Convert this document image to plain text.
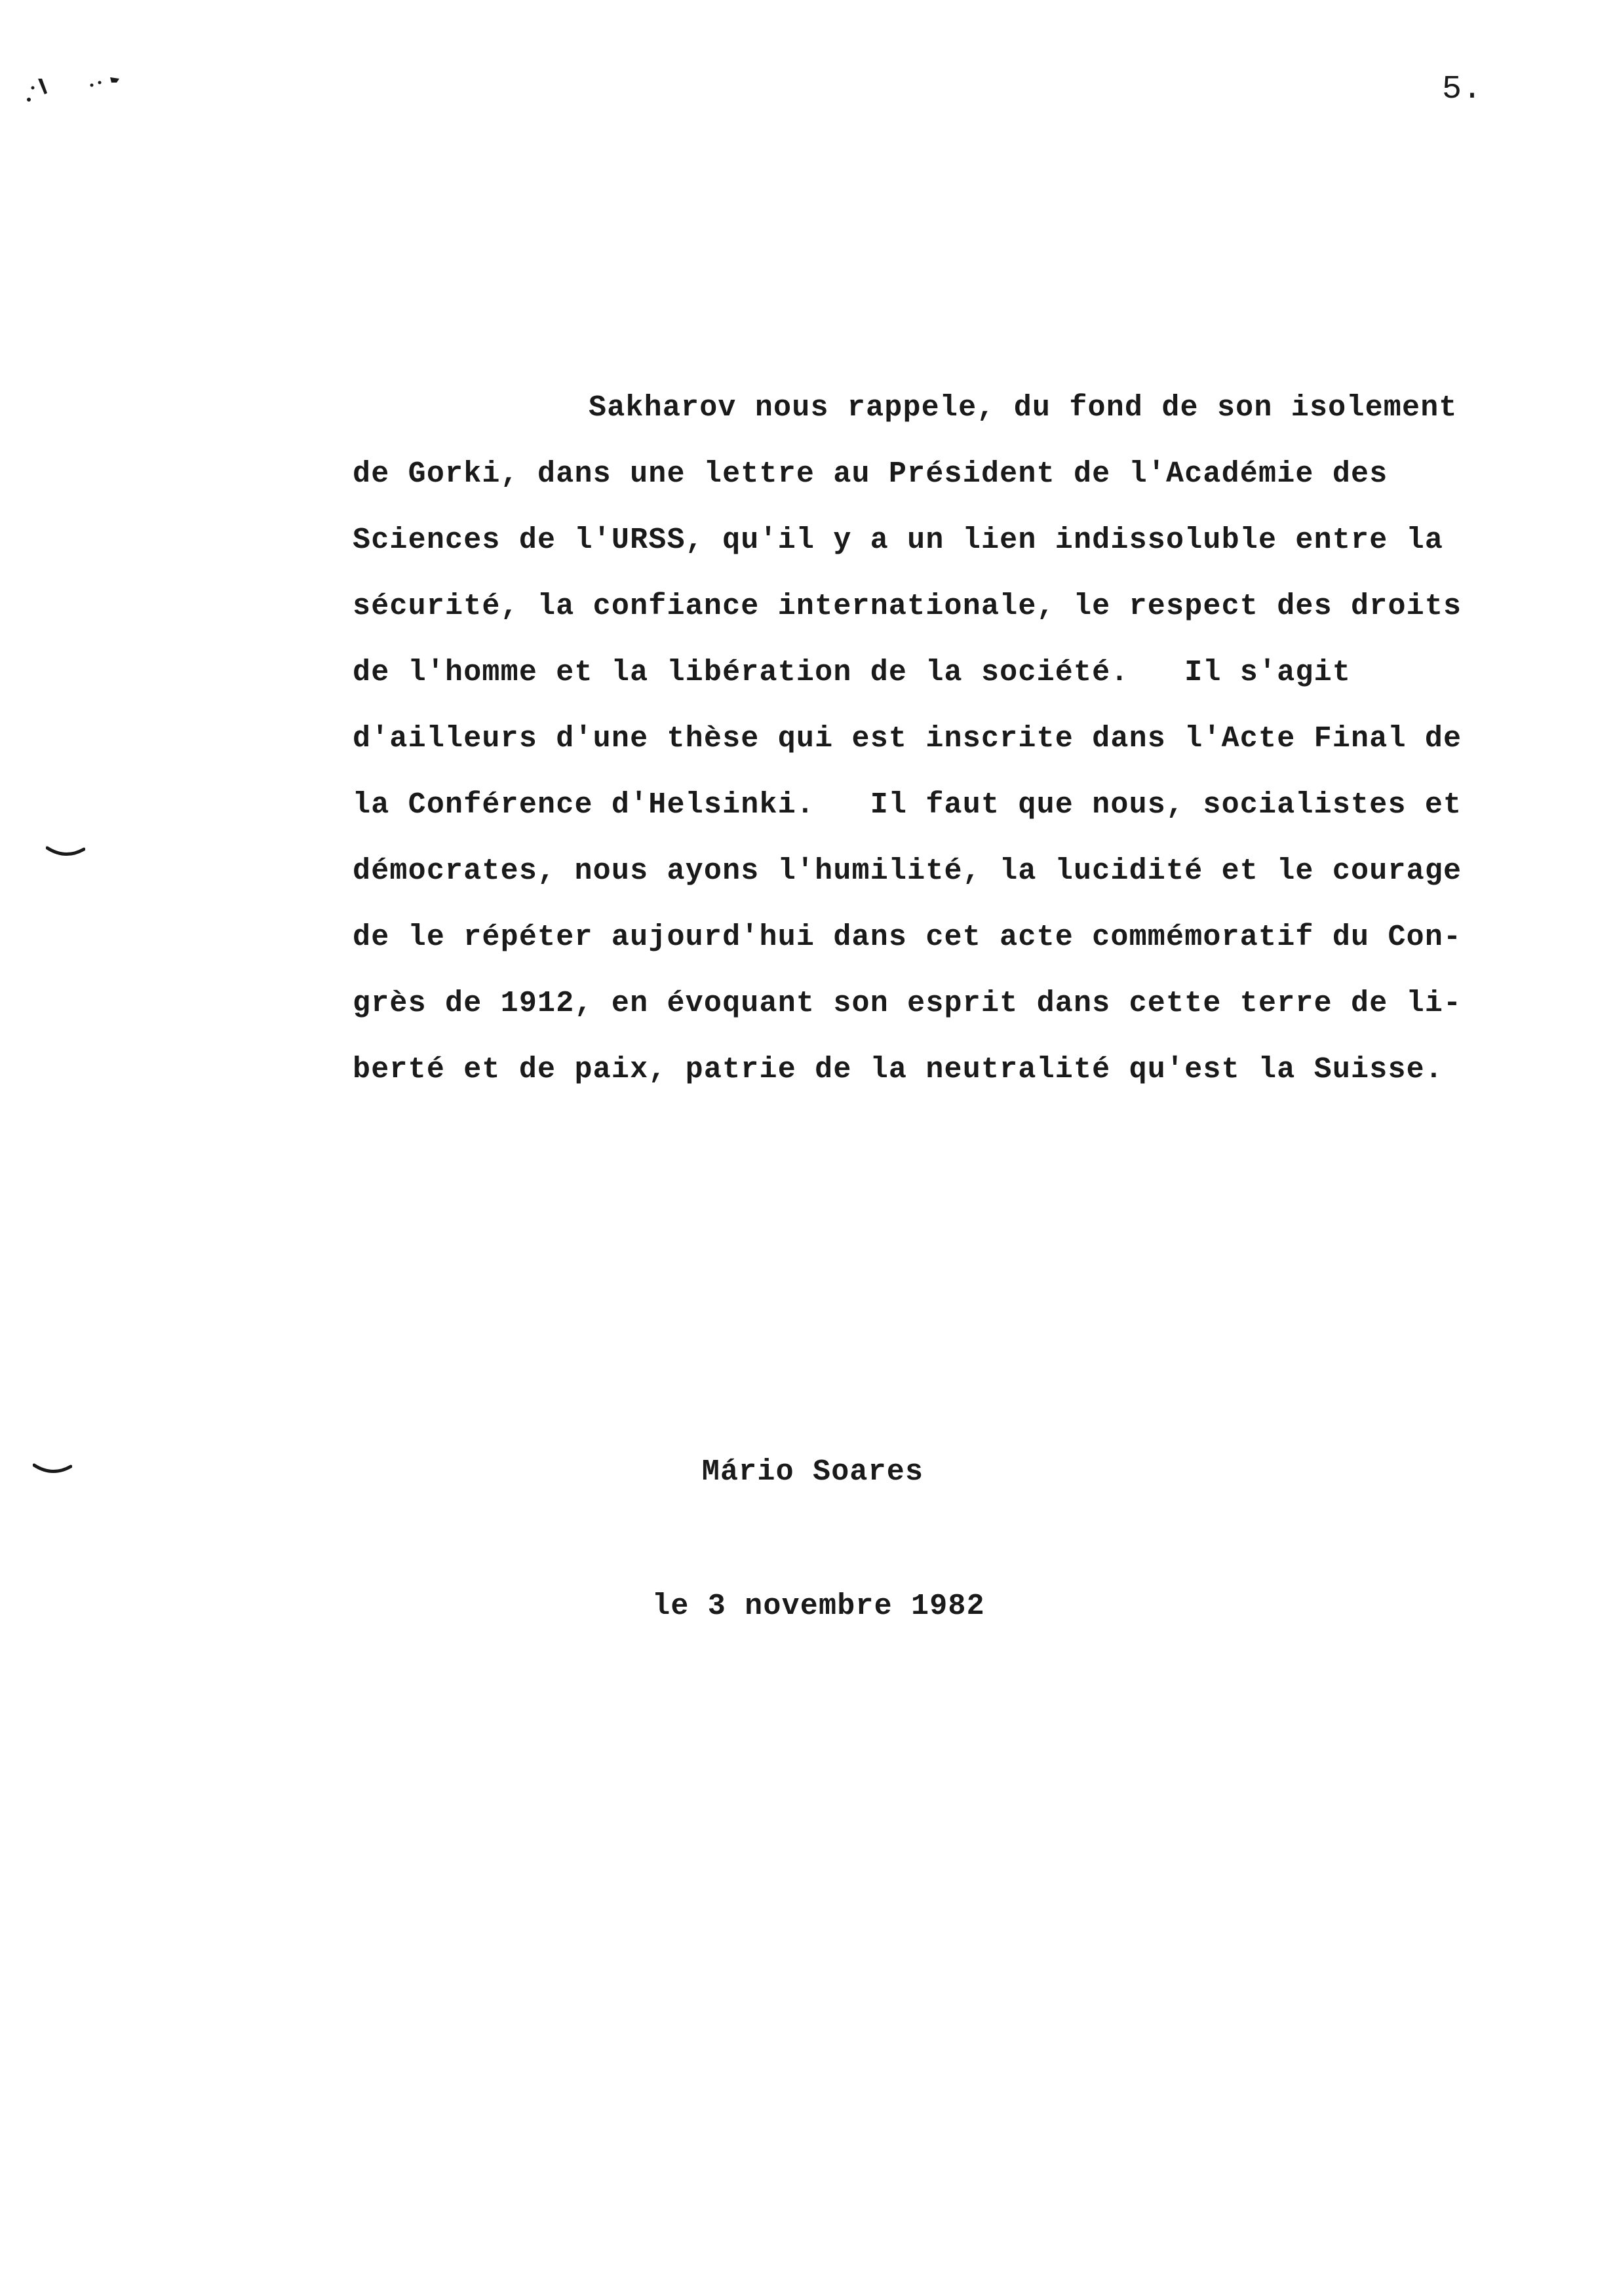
5.
Sakharov nous rappele, du fond de son isolement
de Gorki, dans une lettre au Président de l'Académie des
Sciences de l'URSS, qu'il y a un lien indissoluble entre la
sécurité, la confiance internationale, le respect des droits
de l'homme et la libération de la société.   Il s'agit
d'ailleurs d'une thèse qui est inscrite dans l'Acte Final de
la Conférence d'Helsinki.   Il faut que nous, socialistes et
démocrates, nous ayons l'humilité, la lucidité et le courage
de le répéter aujourd'hui dans cet acte commémoratif du Con-
grès de 1912, en évoquant son esprit dans cette terre de li-
berté et de paix, patrie de la neutralité qu'est la Suisse.
Mário Soares
le 3 novembre 1982
